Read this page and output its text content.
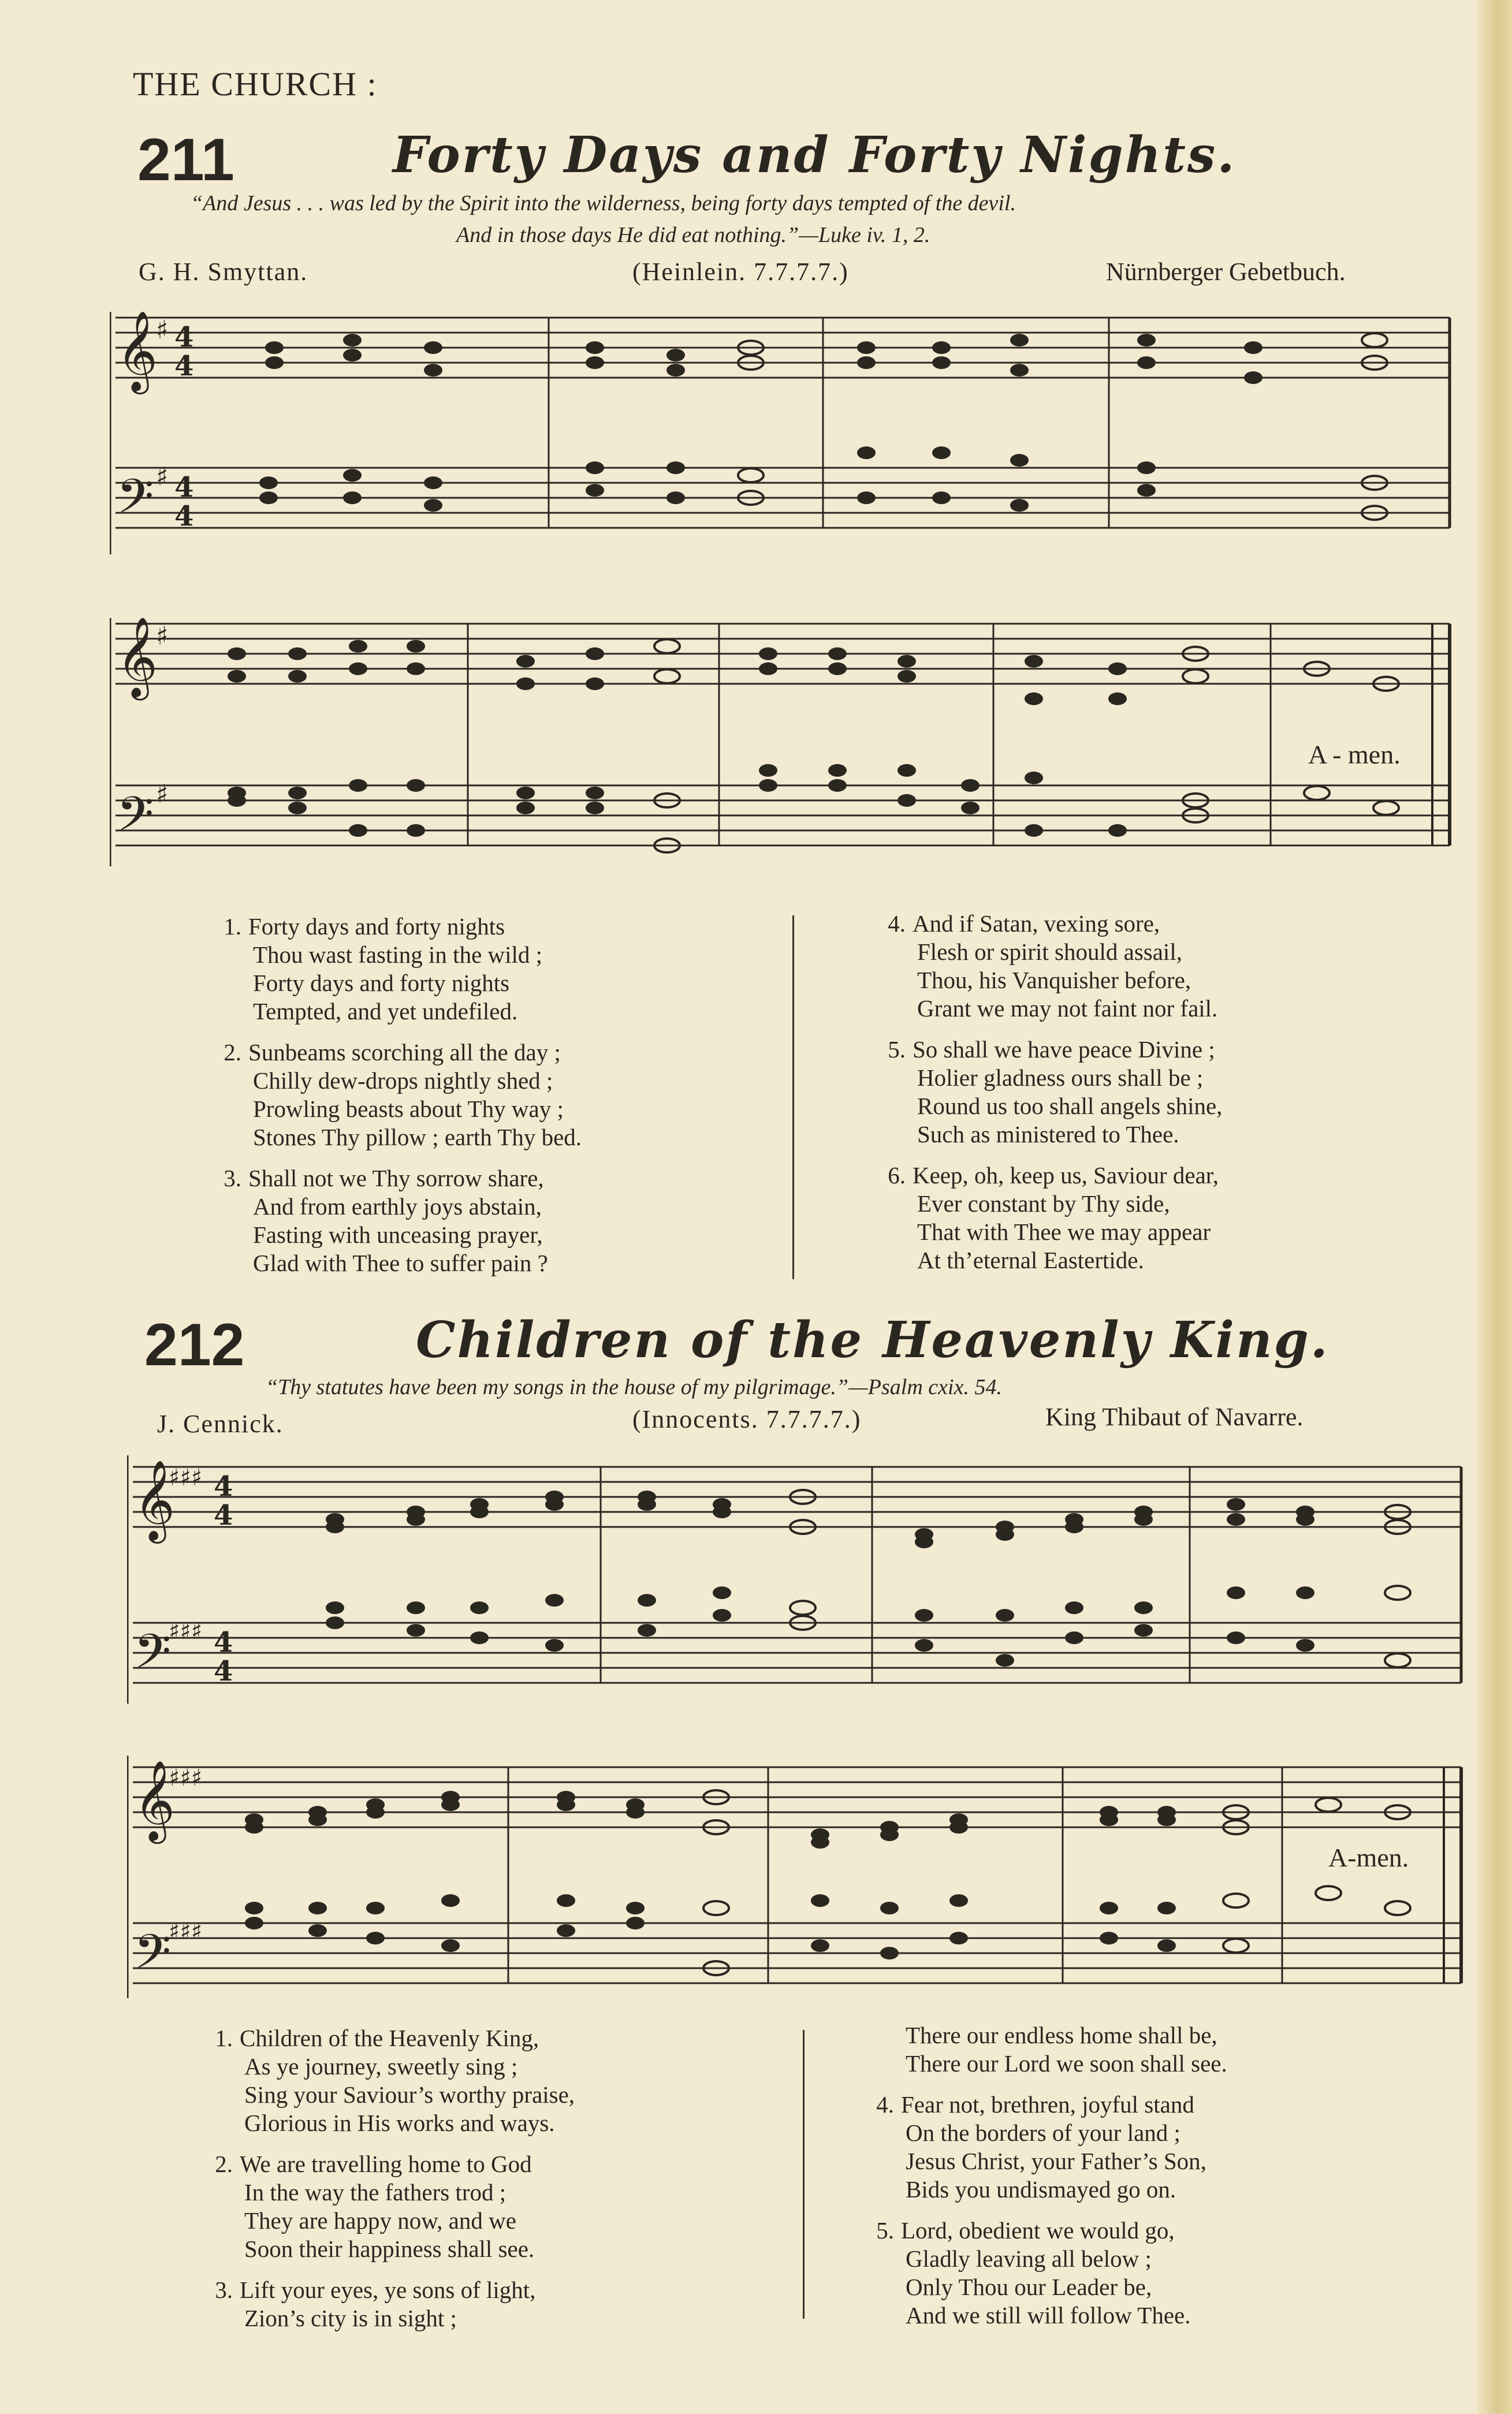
THE CHURCH :
211	Forty Days and Forty Nights.
“And Jesus . . . was led by the Spirit into the wilderness, being forty days tempted of the devil.
And in those days He did eat nothing.”—Luke iv. 1, 2.
G. H. Smyttan.	(Heinlein. 7.7.7.7.)	Nürnberger Gebetbuch.
𝄞
𝄢
♯
♯
4
4
4
4
𝄞
𝄢
♯
♯
A - men.
1. Forty days and forty nights
Thou wast fasting in the wild ;
Forty days and forty nights
Tempted, and yet undefiled.
2. Sunbeams scorching all the day ;
Chilly dew-drops nightly shed ;
Prowling beasts about Thy way ;
Stones Thy pillow ; earth Thy bed.
3. Shall not we Thy sorrow share,
And from earthly joys abstain,
Fasting with unceasing prayer,
Glad with Thee to suffer pain ?
4. And if Satan, vexing sore,
Flesh or spirit should assail,
Thou, his Vanquisher before,
Grant we may not faint nor fail.
5. So shall we have peace Divine ;
Holier gladness ours shall be ;
Round us too shall angels shine,
Such as ministered to Thee.
6. Keep, oh, keep us, Saviour dear,
Ever constant by Thy side,
That with Thee we may appear
At th’eternal Eastertide.
212	Children of the Heavenly King.
“Thy statutes have been my songs in the house of my pilgrimage.”—Psalm cxix. 54.
J. Cennick.	(Innocents. 7.7.7.7.)	King Thibaut of Navarre.
𝄞
𝄢
♯♯♯
♯♯♯
4
4
4
4
𝄞
𝄢
♯♯♯
♯♯♯
A-men.
1. Children of the Heavenly King,
As ye journey, sweetly sing ;
Sing your Saviour’s worthy praise,
Glorious in His works and ways.
2. We are travelling home to God
In the way the fathers trod ;
They are happy now, and we
Soon their happiness shall see.
3. Lift your eyes, ye sons of light,
Zion’s city is in sight ;
There our endless home shall be,
There our Lord we soon shall see.
4. Fear not, brethren, joyful stand
On the borders of your land ;
Jesus Christ, your Father’s Son,
Bids you undismayed go on.
5. Lord, obedient we would go,
Gladly leaving all below ;
Only Thou our Leader be,
And we still will follow Thee.
